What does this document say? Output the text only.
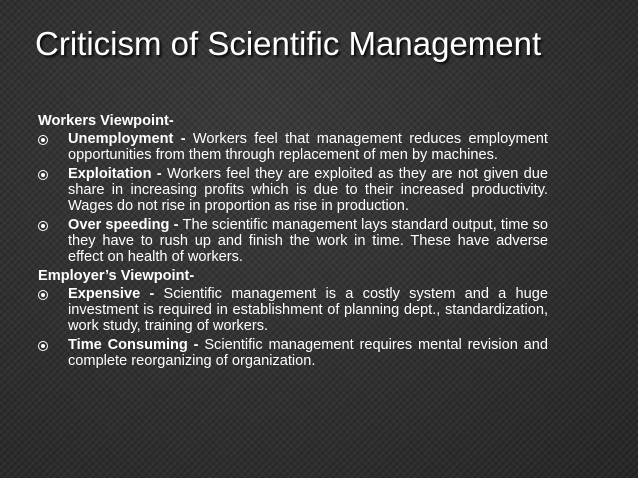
Criticism of Scientific Management
Workers Viewpoint-
Unemployment - Workers feel that management reduces employment opportunities from them through replacement of men by machines.
Exploitation - Workers feel they are exploited as they are not given due share in increasing profits which is due to their increased productivity. Wages do not rise in proportion as rise in production.
Over speeding - The scientific management lays standard output, time so they have to rush up and finish the work in time. These have adverse effect on health of workers.
Employer’s Viewpoint-
Expensive - Scientific management is a costly system and a huge investment is required in establishment of planning dept., standardization, work study, training of workers.
Time Consuming - Scientific management requires mental revision and complete reorganizing of organization.
